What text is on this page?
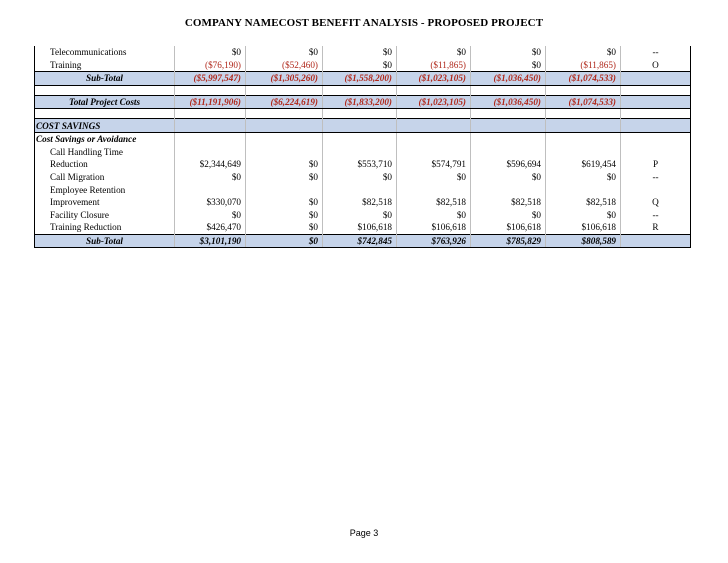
COMPANY NAMECOST BENEFIT ANALYSIS - PROPOSED PROJECT
Telecommunications	$0	$0	$0	$0	$0	$0	--
Training	($76,190)	($52,460)	$0	($11,865)	$0	($11,865)	O
Sub-Total	($5,997,547)	($1,305,260)	($1,558,200)	($1,023,105)	($1,036,450)	($1,074,533)	

Total Project Costs	($11,191,906)	($6,224,619)	($1,833,200)	($1,023,105)	($1,036,450)	($1,074,533)	

COST SAVINGS							
Cost Savings or Avoidance							
Call Handling Time							
Reduction	$2,344,649	$0	$553,710	$574,791	$596,694	$619,454	P
Call Migration	$0	$0	$0	$0	$0	$0	--
Employee Retention							
Improvement	$330,070	$0	$82,518	$82,518	$82,518	$82,518	Q
Facility Closure	$0	$0	$0	$0	$0	$0	--
Training Reduction	$426,470	$0	$106,618	$106,618	$106,618	$106,618	R
Sub-Total	$3,101,190	$0	$742,845	$763,926	$785,829	$808,589	
Page 3
